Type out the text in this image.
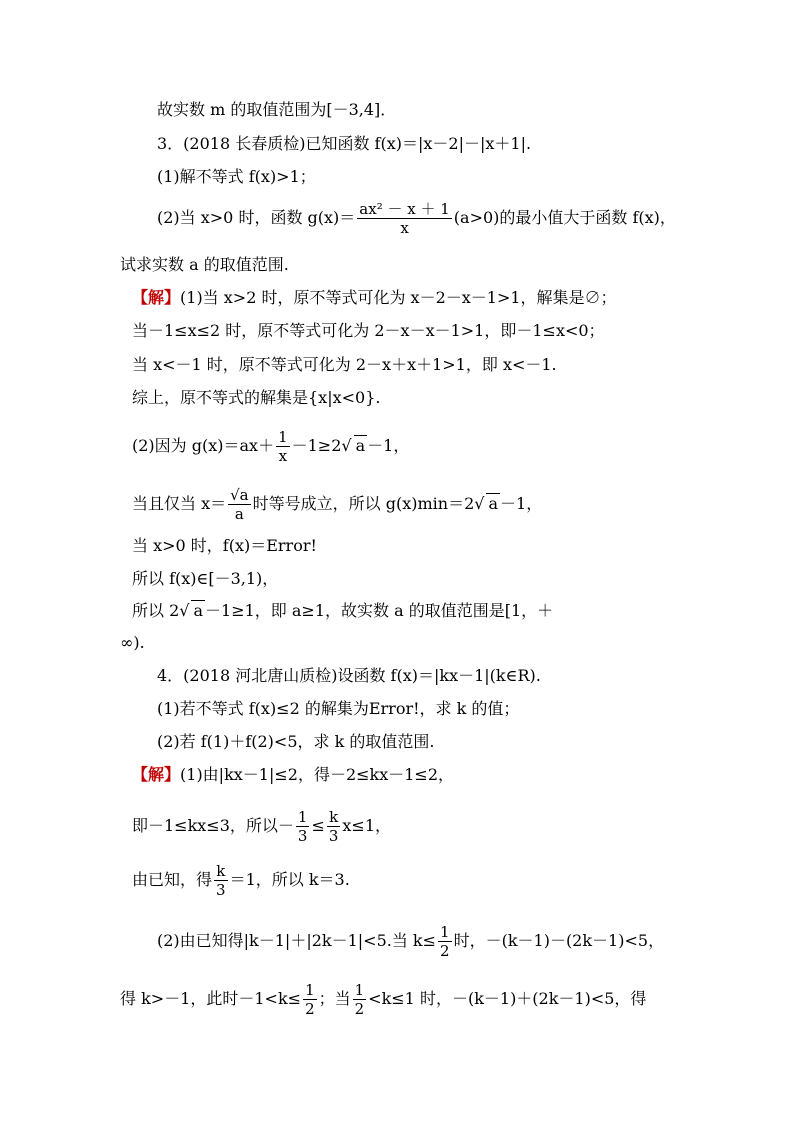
故实数 m 的取值范围为[－3,4]．
3．(2018 长春质检)已知函数 f(x)＝|x－2|－|x＋1|.
(1)解不等式 f(x)>1；
(2)当 x>0 时，函数 $g(x)= \frac{\text{ax² － x ＋ 1}}{x} (a>0)$的最小值大于函数 f(x)，
试求实数 a 的取值范围.
【解】(1)当 x>2 时，原不等式可化为 x－2－x－1>1，解集是∅；
当－1≤x≤2 时，原不等式可化为 2－x－x－1>1，即－1≤x<0；
当 x<－1 时，原不等式可化为 2－x＋x＋1>1，即 x<－1.
综上，原不等式的解集是{x|x<0}.
(2)因为 $g(x)=ax+ \frac{1}{x} -1\ge 2√$ a －1，
当且仅当 $x= \frac{√a}{a}$ 时等号成立，所以 g(x)min＝2√ a －1，
当 x>0 时，f(x)＝Error!
所以 f(x)∈[－3,1)，
所以 2√ a －1≥1，即 a≥1，故实数 a 的取值范围是[1，＋
∞).
4．(2018 河北唐山质检)设函数 f(x)＝|kx－1|(k∈R).
(1)若不等式 f(x)≤2 的解集为Error!，求 k 的值；
(2)若 f(1)＋f(2)<5，求 k 的取值范围.
【解】(1)由|kx－1|≤2，得－2≤kx－1≤2，
即－1≤kx≤3，所以－ $\frac{1}{3} \le \frac{k}{3} x\le 1$，
由已知，得 $\frac{k}{3} =1$，所以 k＝3.
(2)由已知得|k－1|＋|2k－1|<5.当 $k\le \frac{1}{2}$ 时，－(k－1)－(2k－1)<5，
得 k>－1，此时$-1<k\le \frac{1}{2}$ ；当 $\frac{1}{2} <k\le 1$ 时，－(k－1)＋(2k－1)<5，得
